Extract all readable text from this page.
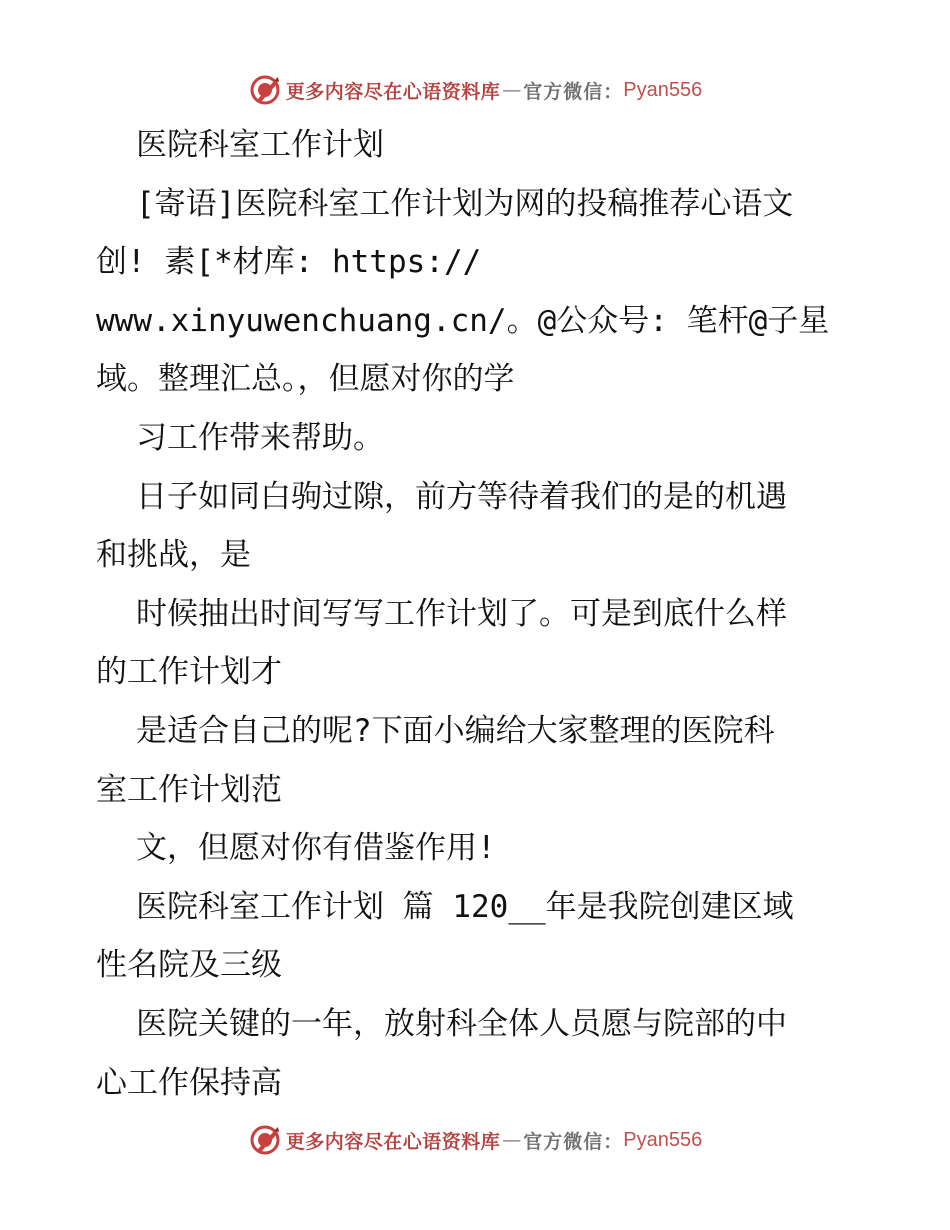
更多内容尽在心语资料库 — 官方微信： Pyan556
医院科室工作计划
[寄语]医院科室工作计划为网的投稿推荐心语文
创! 素[*材库: https://
www.xinyuwenchuang.cn/。@公众号: 笔杆@子星
域。整理汇总。，但愿对你的学
习工作带来帮助。
日子如同白驹过隙，前方等待着我们的是的机遇
和挑战，是
时候抽出时间写写工作计划了。可是到底什么样
的工作计划才
是适合自己的呢?下面小编给大家整理的医院科
室工作计划范
文，但愿对你有借鉴作用!
医院科室工作计划 篇 120__年是我院创建区域
性名院及三级
医院关键的一年，放射科全体人员愿与院部的中
心工作保持高
更多内容尽在心语资料库 — 官方微信： Pyan556
